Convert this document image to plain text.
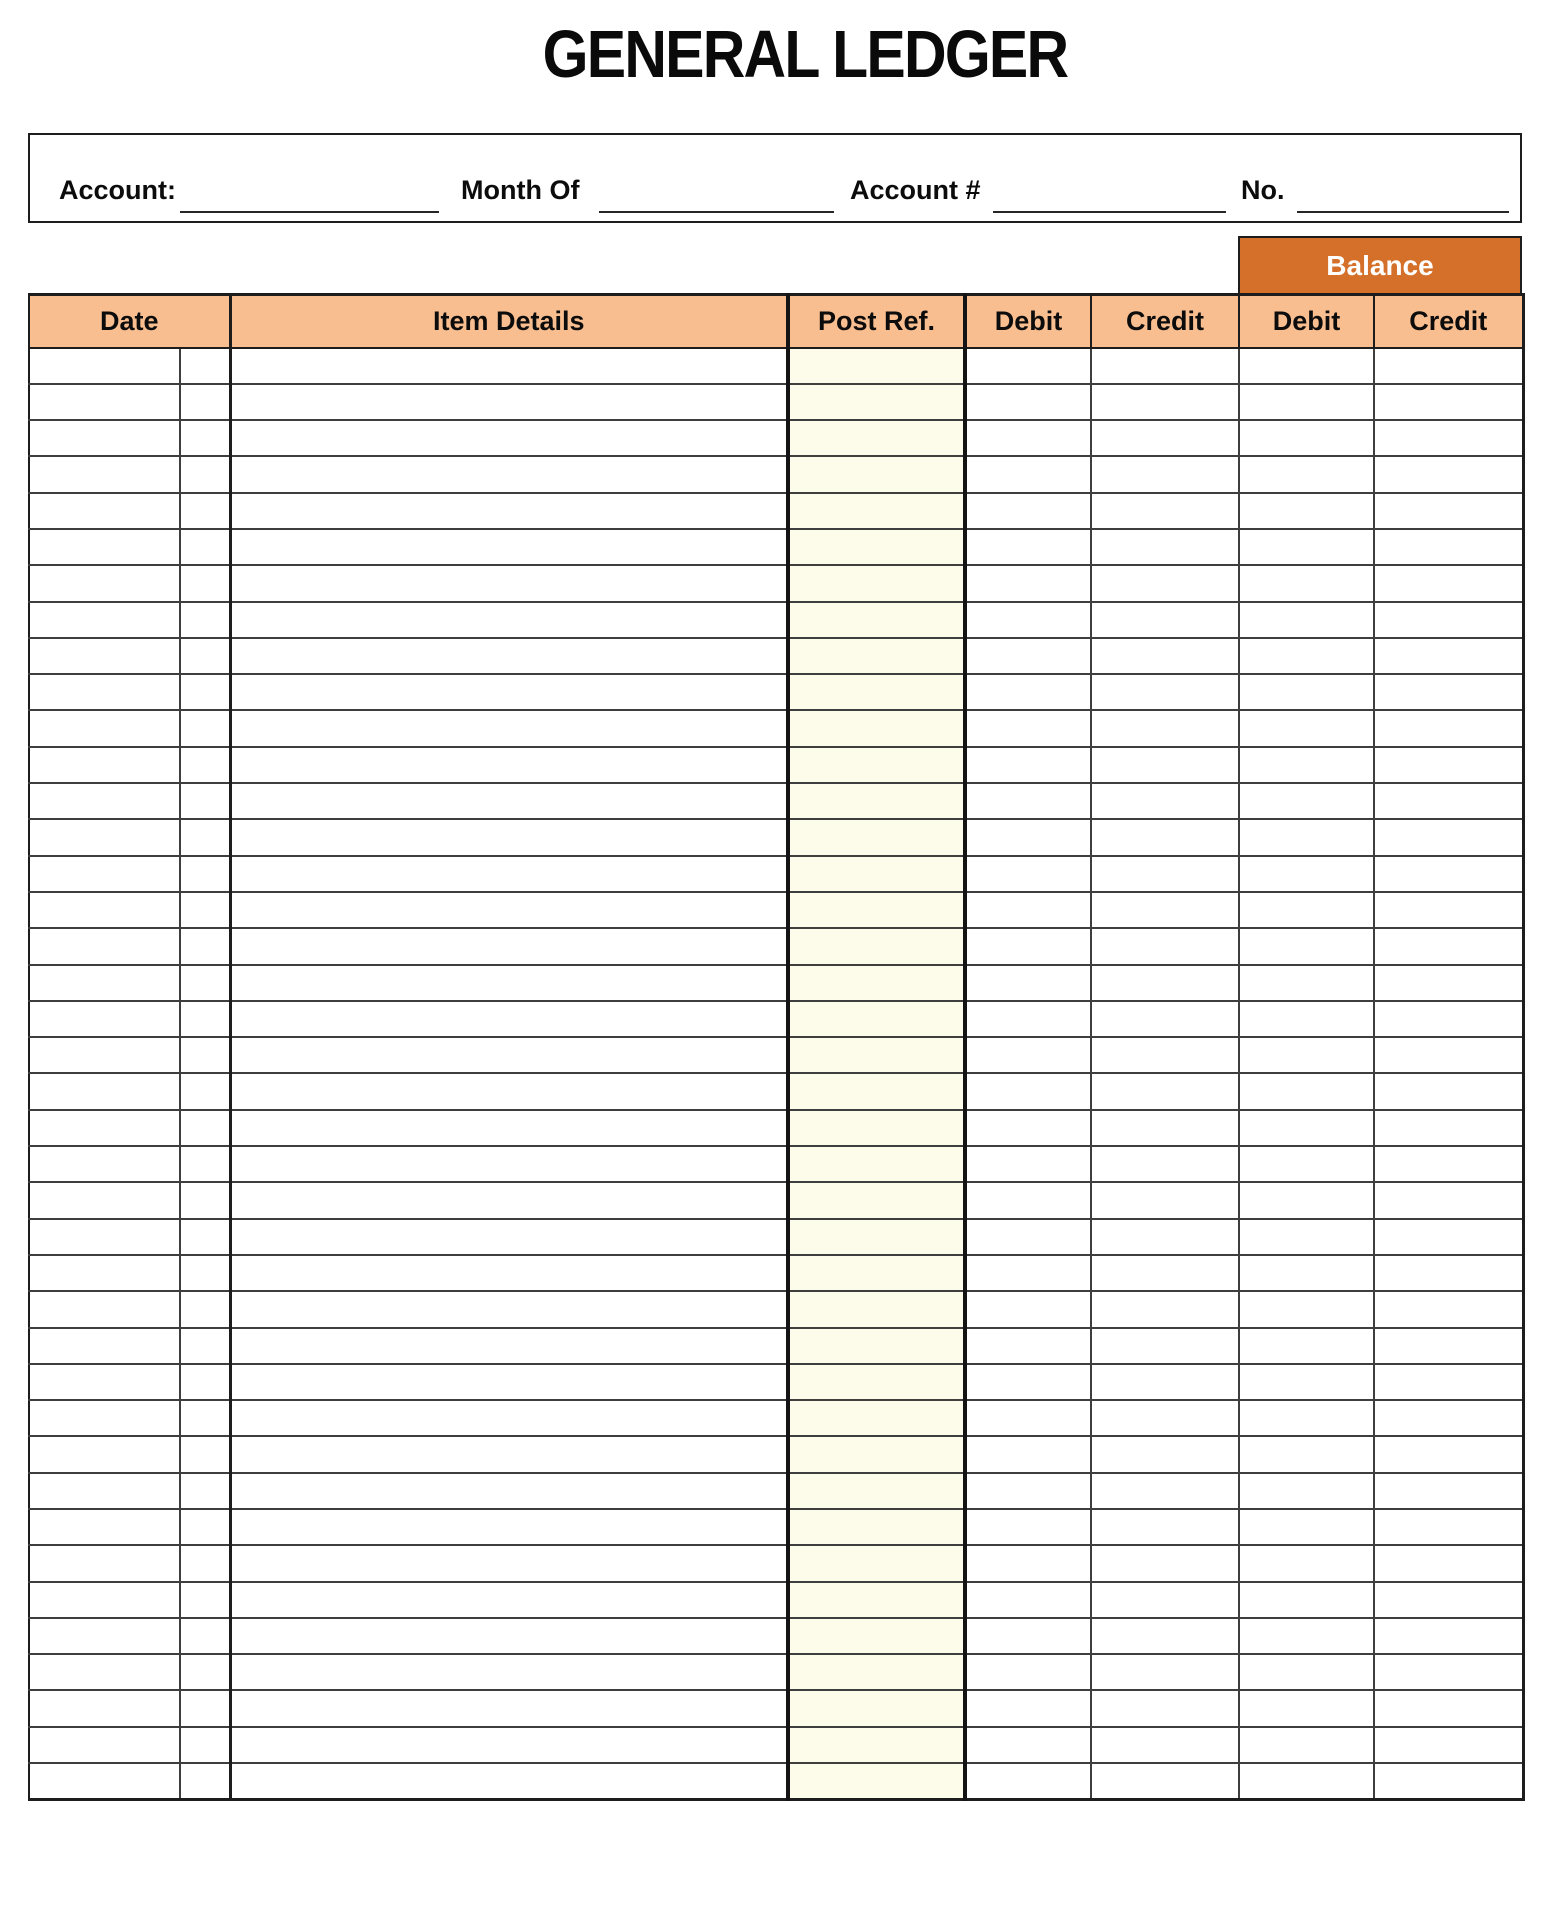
GENERAL LEDGER
Account:	Month Of	Account #	No.
Balance
Date		Item Details	Post Ref.	Debit	Credit	Debit	Credit
